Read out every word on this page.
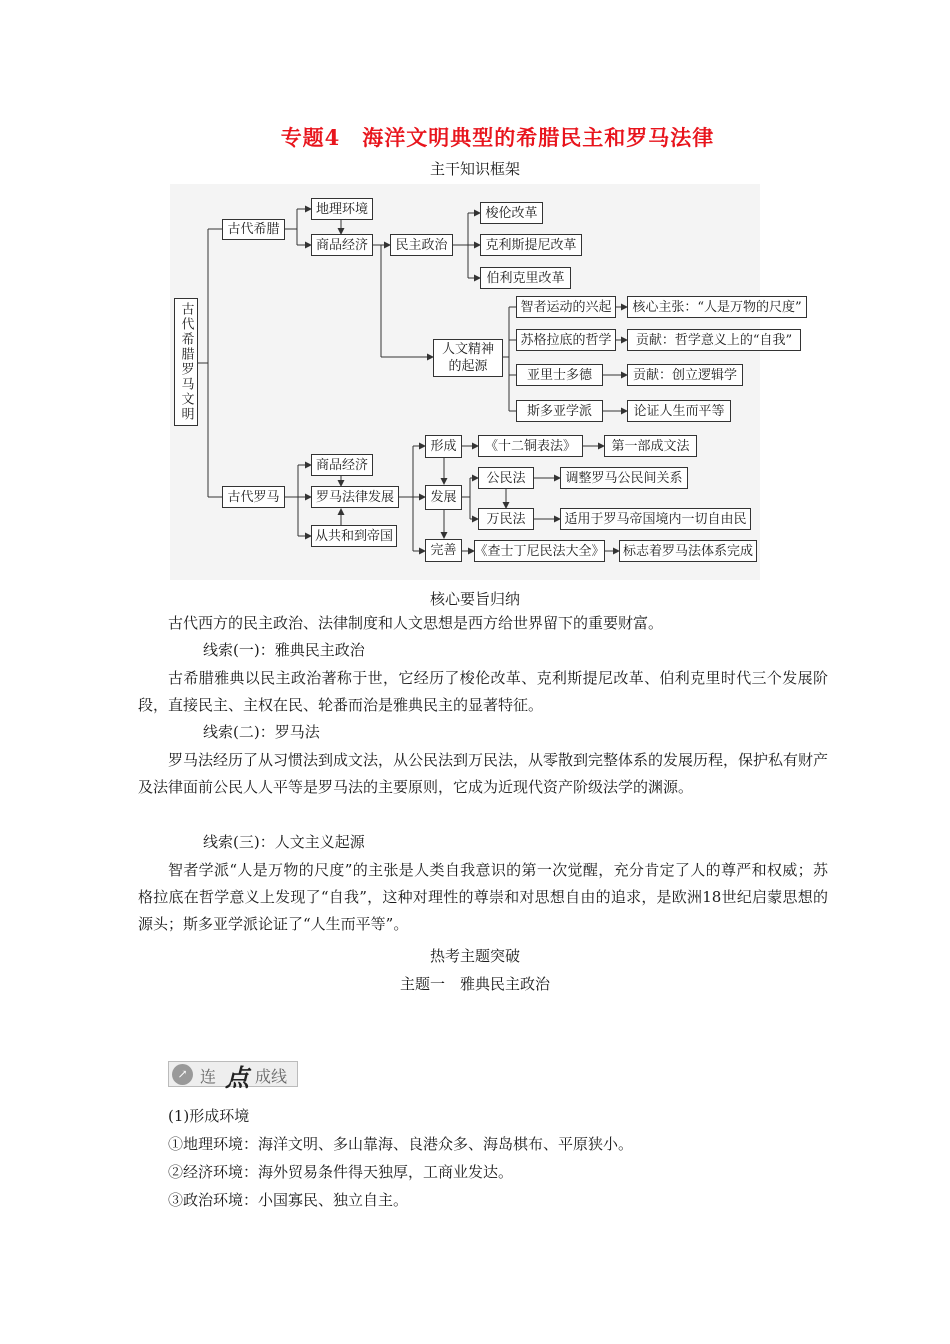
专题4　海洋文明典型的希腊民主和罗马法律
主干知识框架
古代希腊罗马文明
古代希腊
地理环境
商品经济	民主政治
梭伦改革
克利斯提尼改革
伯利克里改革
人文精神的起源
智者运动的兴起	核心主张：“人是万物的尺度”
苏格拉底的哲学	贡献：哲学意义上的“自我”
亚里士多德	贡献：创立逻辑学
斯多亚学派	论证人生而平等
古代罗马
商品经济
罗马法律发展
从共和到帝国
形成	《十二铜表法》	第一部成文法
发展
公民法	调整罗马公民间关系
万民法	适用于罗马帝国境内一切自由民
完善	《查士丁尼民法大全》	标志着罗马法体系完成
核心要旨归纳
古代西方的民主政治、法律制度和人文思想是西方给世界留下的重要财富。
线索(一)：雅典民主政治
古希腊雅典以民主政治著称于世，它经历了梭伦改革、克利斯提尼改革、伯利克里时代三个发展阶段，直接民主、主权在民、轮番而治是雅典民主的显著特征。
线索(二)：罗马法
罗马法经历了从习惯法到成文法，从公民法到万民法，从零散到完整体系的发展历程，保护私有财产及法律面前公民人人平等是罗马法的主要原则，它成为近现代资产阶级法学的渊源。
线索(三)：人文主义起源
智者学派“人是万物的尺度”的主张是人类自我意识的第一次觉醒，充分肯定了人的尊严和权威；苏格拉底在哲学意义上发现了“自我”，这种对理性的尊崇和对思想自由的追求，是欧洲18世纪启蒙思想的源头；斯多亚学派论证了“人生而平等”。
热考主题突破
主题一　雅典民主政治
↗ 连 点 成线
(1)形成环境
①地理环境：海洋文明、多山靠海、良港众多、海岛棋布、平原狭小。
②经济环境：海外贸易条件得天独厚，工商业发达。
③政治环境：小国寡民、独立自主。
